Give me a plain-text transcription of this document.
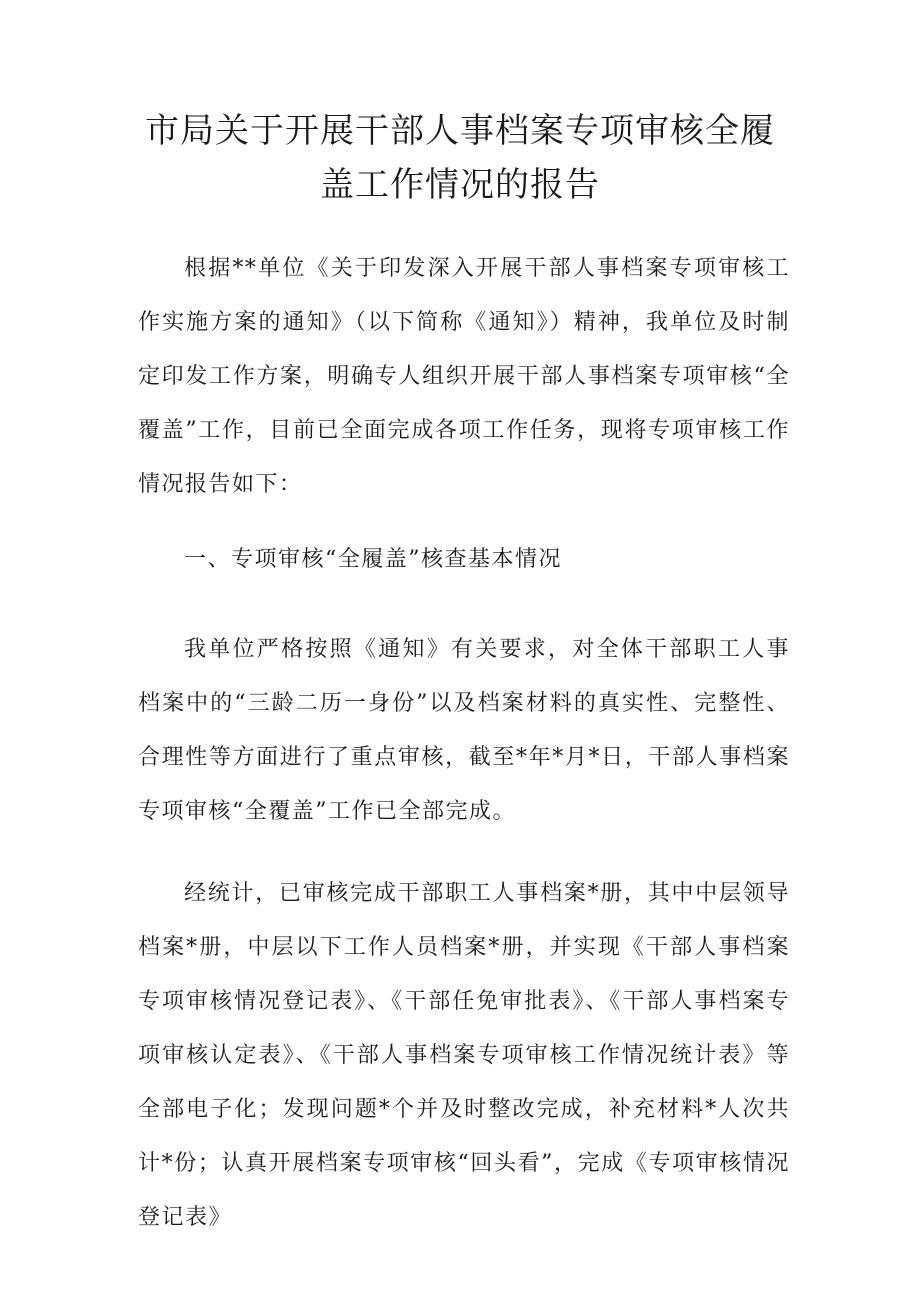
市局关于开展干部人事档案专项审核全履
盖工作情况的报告

根据**单位《关于印发深入开展干部人事档案专项审核工作实施方案的通知》（以下简称《通知》）精神，我单位及时制定印发工作方案，明确专人组织开展干部人事档案专项审核“全覆盖”工作，目前已全面完成各项工作任务，现将专项审核工作情况报告如下：

一、专项审核“全履盖”核查基本情况

我单位严格按照《通知》有关要求，对全体干部职工人事档案中的“三龄二历一身份”以及档案材料的真实性、完整性、合理性等方面进行了重点审核，截至*年*月*日，干部人事档案专项审核“全覆盖”工作已全部完成。

经统计，已审核完成干部职工人事档案*册，其中中层领导档案*册，中层以下工作人员档案*册，并实现《干部人事档案专项审核情况登记表》、《干部任免审批表》、《干部人事档案专项审核认定表》、《干部人事档案专项审核工作情况统计表》等全部电子化；发现问题*个并及时整改完成，补充材料*人次共计*份；认真开展档案专项审核“回头看”，完成《专项审核情况登记表》
